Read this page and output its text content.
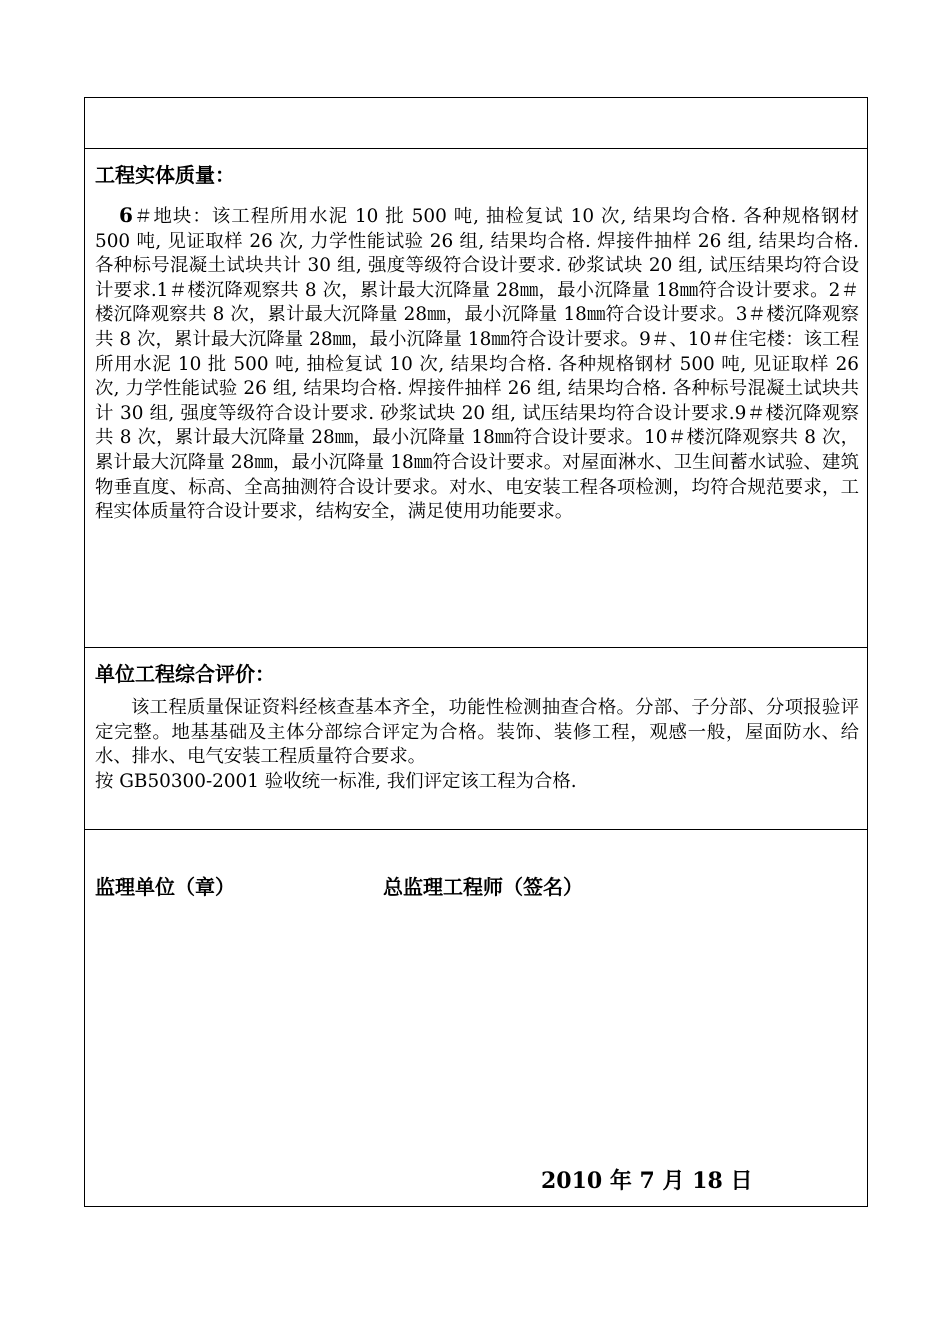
工程实体质量：
6＃地块：该工程所用水泥 10 批 500 吨, 抽检复试 10 次, 结果均合格. 各种规格钢材 500 吨, 见证取样 26 次, 力学性能试验 26 组, 结果均合格. 焊接件抽样 26 组, 结果均合格. 各种标号混凝土试块共计 30 组, 强度等级符合设计要求. 砂浆试块 20 组, 试压结果均符合设计要求.1＃楼沉降观察共 8 次，累计最大沉降量 28㎜，最小沉降量 18㎜符合设计要求。2＃楼沉降观察共 8 次，累计最大沉降量 28㎜，最小沉降量 18㎜符合设计要求。3＃楼沉降观察共 8 次，累计最大沉降量 28㎜，最小沉降量 18㎜符合设计要求。9＃、10＃住宅楼：该工程所用水泥 10 批 500 吨, 抽检复试 10 次, 结果均合格. 各种规格钢材 500 吨, 见证取样 26 次, 力学性能试验 26 组, 结果均合格. 焊接件抽样 26 组, 结果均合格. 各种标号混凝土试块共计 30 组, 强度等级符合设计要求. 砂浆试块 20 组, 试压结果均符合设计要求.9＃楼沉降观察共 8 次，累计最大沉降量 28㎜，最小沉降量 18㎜符合设计要求。10＃楼沉降观察共 8 次，累计最大沉降量 28㎜，最小沉降量 18㎜符合设计要求。对屋面淋水、卫生间蓄水试验、建筑物垂直度、标高、全高抽测符合设计要求。对水、电安装工程各项检测，均符合规范要求，工程实体质量符合设计要求，结构安全，满足使用功能要求。
单位工程综合评价：
该工程质量保证资料经核查基本齐全，功能性检测抽查合格。分部、子分部、分项报验评定完整。地基基础及主体分部综合评定为合格。装饰、装修工程，观感一般，屋面防水、给水、排水、电气安装工程质量符合要求。
按 GB50300-2001 验收统一标准, 我们评定该工程为合格.
监理单位（章）	总监理工程师（签名）
2010 年 7 月 18 日
